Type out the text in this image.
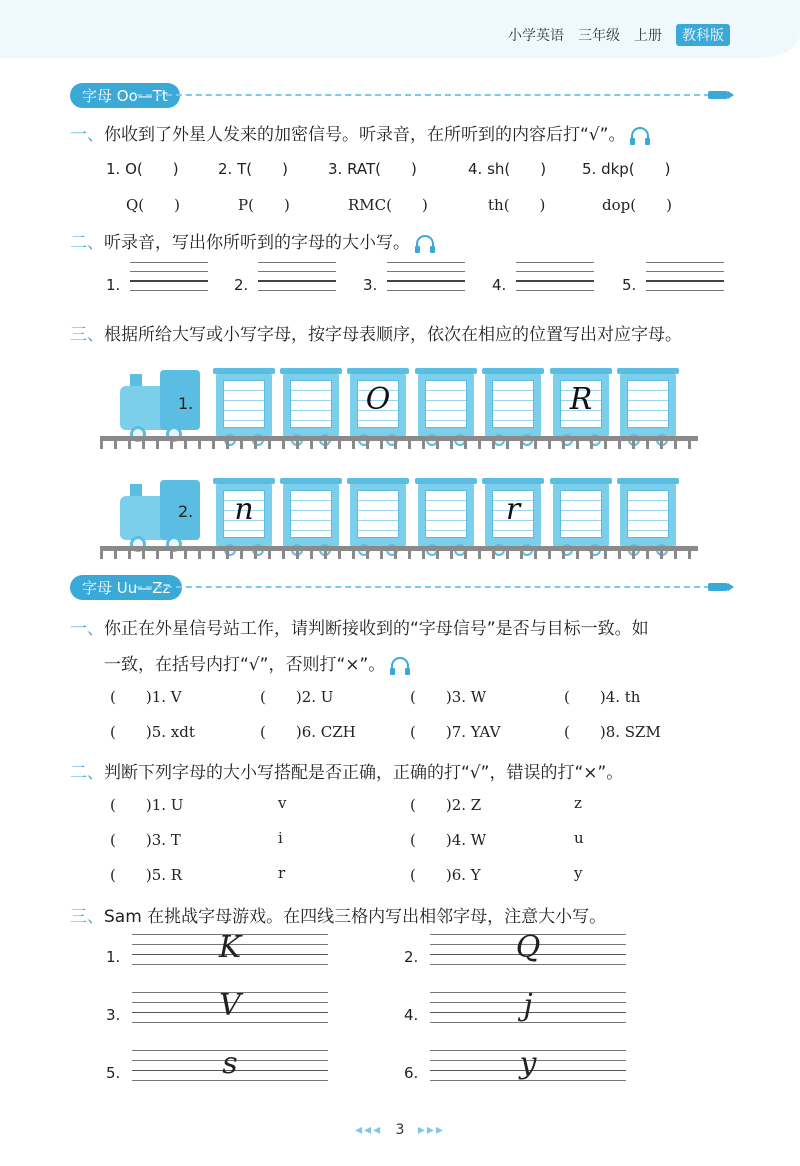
小学英语 三年级 上册	教科版
字母 Oo—Tt
一、你收到了外星人发来的加密信号。听录音，在所听到的内容后打“√”。
1. O(　　)	2. T(　　)	3. RAT(　　)	4. sh(　　) 5. dkp(　　)
Q(　　)	P(　　)	RMC(　　)	th(　　)	dop(　　)
二、听录音，写出你所听到的字母的大小写。
1.	2.	3.	4.	5.
三、根据所给大写或小写字母，按字母表顺序，依次在相应的位置写出对应字母。
1.	O	R
2.	n	r
字母 Uu—Zz
一、你正在外星信号站工作，请判断接收到的“字母信号”是否与目标一致。如
一致，在括号内打“√”，否则打“×”。
(　　)1. V	(　　)2. U	(　　)3. W	(　　)4. th
(　　)5. xdt	(　　)6. CZH	(　　)7. YAV	(　　)8. SZM
二、判断下列字母的大小写搭配是否正确，正确的打“√”，错误的打“×”。
(　　)1. U	v	(　　)2. Z	z
(　　)3. T	i	(　　)4. W	u
(　　)5. R	r	(　　)6. Y	y
三、Sam 在挑战字母游戏。在四线三格内写出相邻字母，注意大小写。
1.	K	2.	Q
3.	V	4.	j
5.	s	6.	y
◂◂◂ 3 ▸▸▸
